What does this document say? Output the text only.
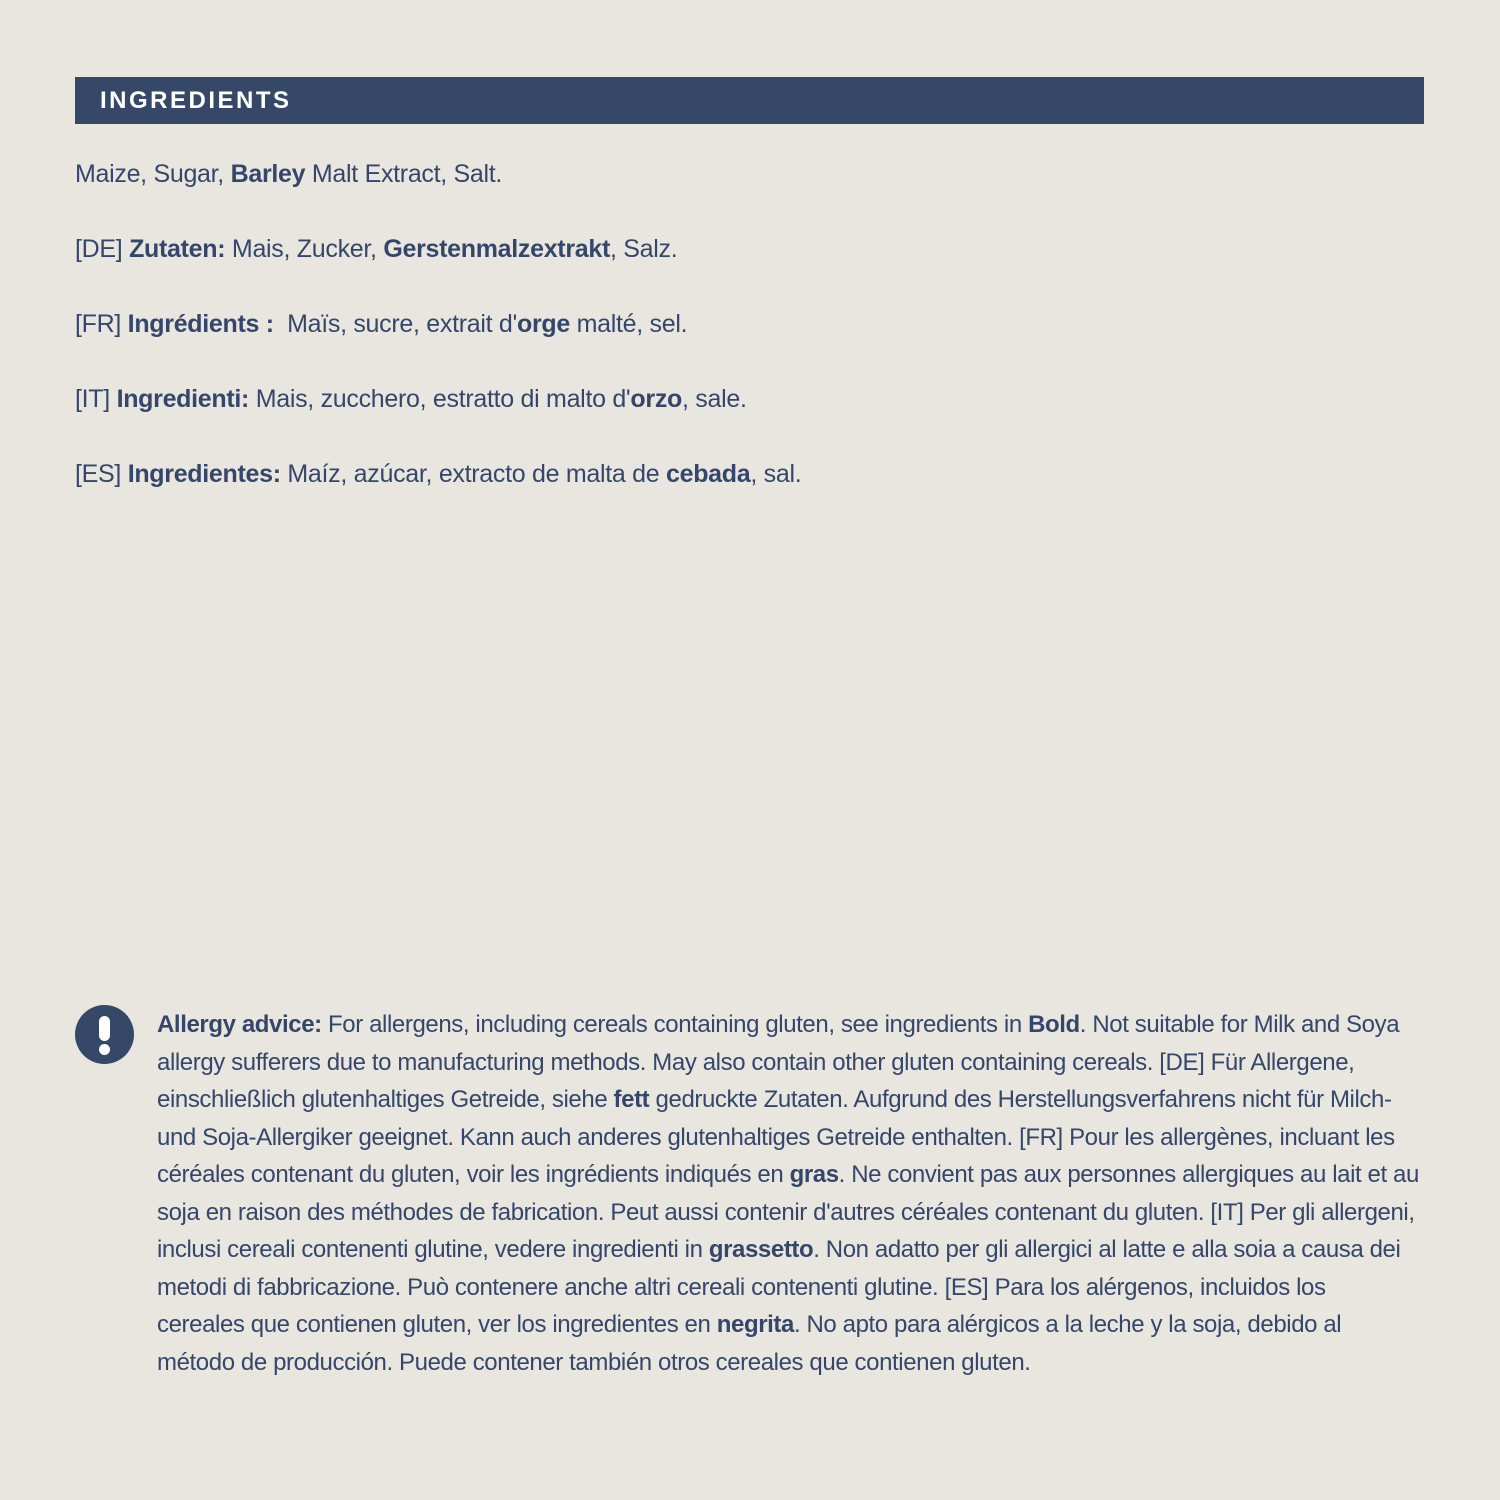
INGREDIENTS
Maize, Sugar, Barley Malt Extract, Salt.
[DE] Zutaten: Mais, Zucker, Gerstenmalzextrakt, Salz.
[FR] Ingrédients :  Maïs, sucre, extrait d'orge malté, sel.
[IT] Ingredienti: Mais, zucchero, estratto di malto d'orzo, sale.
[ES] Ingredientes: Maíz, azúcar, extracto de malta de cebada, sal.
Allergy advice: For allergens, including cereals containing gluten, see ingredients in Bold. Not suitable for Milk and Soya allergy sufferers due to manufacturing methods. May also contain other gluten containing cereals. [DE] Für Allergene, einschließlich glutenhaltiges Getreide, siehe fett gedruckte Zutaten. Aufgrund des Herstellungsverfahrens nicht für Milch- und Soja-Allergiker geeignet. Kann auch anderes glutenhaltiges Getreide enthalten. [FR] Pour les allergènes, incluant les céréales contenant du gluten, voir les ingrédients indiqués en gras. Ne convient pas aux personnes allergiques au lait et au soja en raison des méthodes de fabrication. Peut aussi contenir d'autres céréales contenant du gluten. [IT] Per gli allergeni, inclusi cereali contenenti glutine, vedere ingredienti in grassetto. Non adatto per gli allergici al latte e alla soia a causa dei metodi di fabbricazione. Può contenere anche altri cereali contenenti glutine. [ES] Para los alérgenos, incluidos los cereales que contienen gluten, ver los ingredientes en negrita. No apto para alérgicos a la leche y la soja, debido al método de producción. Puede contener también otros cereales que contienen gluten.
